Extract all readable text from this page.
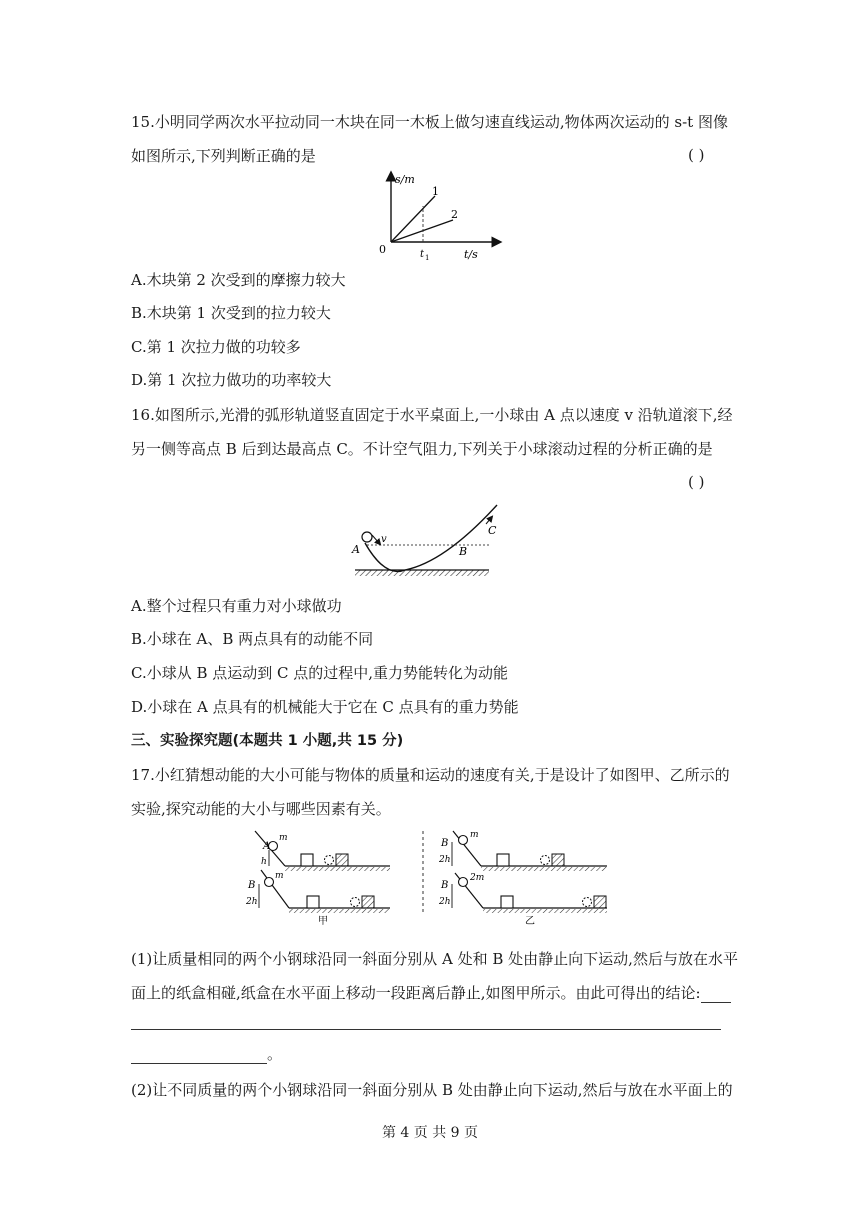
15.小明同学两次水平拉动同一木块在同一木板上做匀速直线运动,物体两次运动的 s-t 图像
如图所示,下列判断正确的是	( )
s/m
0
1
2
t 1	t/s
A.木块第 2 次受到的摩擦力较大
B.木块第 1 次受到的拉力较大
C.第 1 次拉力做的功较多
D.第 1 次拉力做功的功率较大
16.如图所示,光滑的弧形轨道竖直固定于水平桌面上,一小球由 A 点以速度 v 沿轨道滚下,经
另一侧等高点 B 后到达最高点 C。不计空气阻力,下列关于小球滚动过程的分析正确的是
( )
v
A	B
C
A.整个过程只有重力对小球做功
B.小球在 A、B 两点具有的动能不同
C.小球从 B 点运动到 C 点的过程中,重力势能转化为动能
D.小球在 A 点具有的机械能大于它在 C 点具有的重力势能
三、实验探究题(本题共 1 小题,共 15 分)
17.小红猜想动能的大小可能与物体的质量和运动的速度有关,于是设计了如图甲、乙所示的
实验,探究动能的大小与哪些因素有关。
A
m
h
B
m
2h
甲
B
m
2h
B
2m
2h
乙
(1)让质量相同的两个小钢球沿同一斜面分别从 A 处和 B 处由静止向下运动,然后与放在水平
面上的纸盒相碰,纸盒在水平面上移动一段距离后静止,如图甲所示。由此可得出的结论:
。
(2)让不同质量的两个小钢球沿同一斜面分别从 B 处由静止向下运动,然后与放在水平面上的
第 4 页 共 9 页
